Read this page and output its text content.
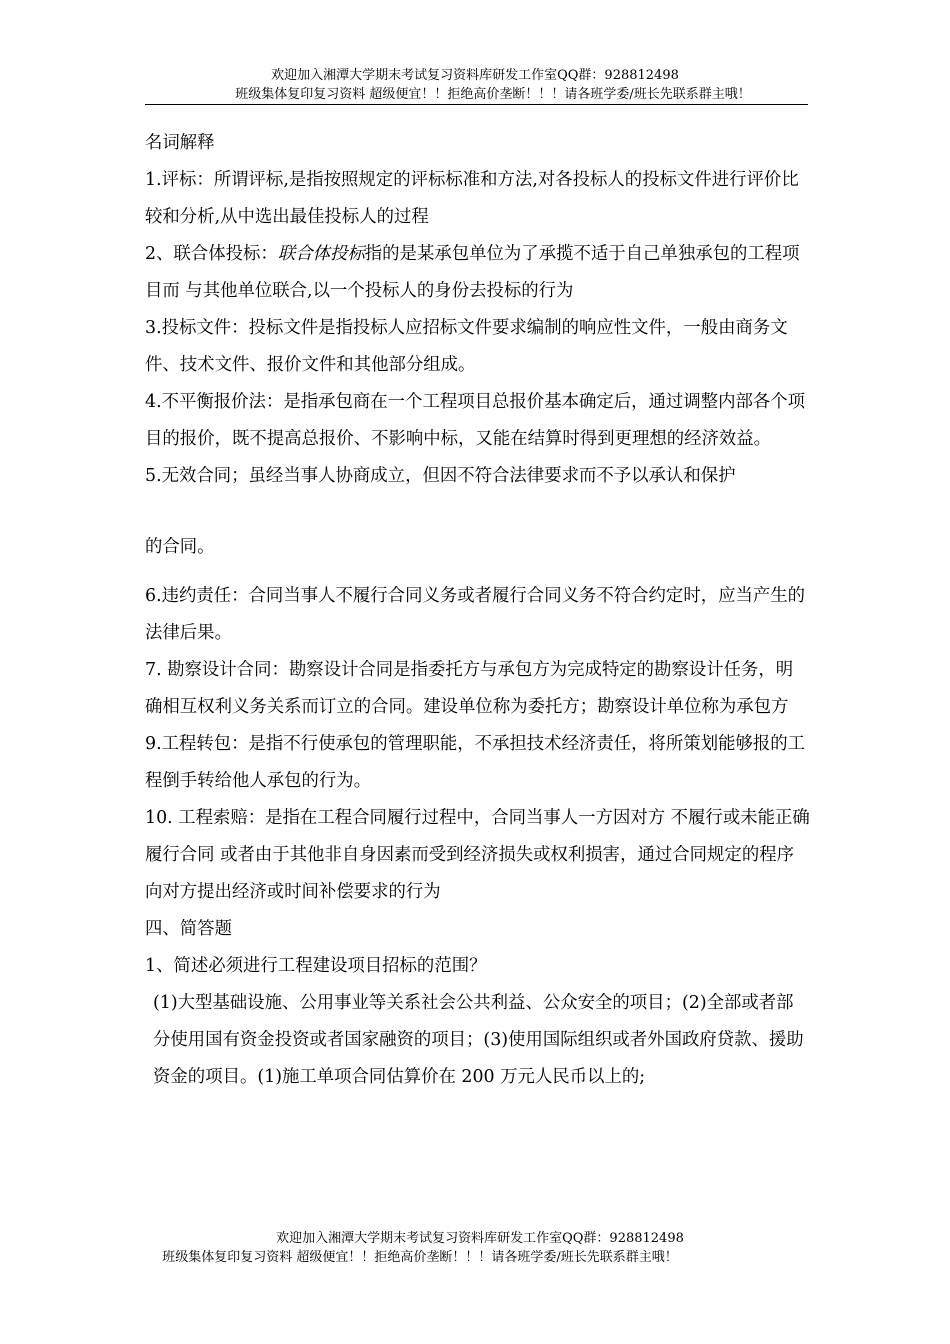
欢迎加入湘潭大学期末考试复习资料库研发工作室QQ群：928812498
班级集体复印复习资料 超级便宜！！拒绝高价垄断！！！请各班学委/班长先联系群主哦！

名词解释

1.评标：所谓评标,是指按照规定的评标标准和方法,对各投标人的投标文件进行评价比较和分析,从中选出最佳投标人的过程

2、联合体投标：联合体投标指的是某承包单位为了承揽不适于自己单独承包的工程项目而 与其他单位联合,以一个投标人的身份去投标的行为

3.投标文件：投标文件是指投标人应招标文件要求编制的响应性文件，一般由商务文件、技术文件、报价文件和其他部分组成。

4.不平衡报价法：是指承包商在一个工程项目总报价基本确定后，通过调整内部各个项目的报价，既不提高总报价、不影响中标，又能在结算时得到更理想的经济效益。

5.无效合同；虽经当事人协商成立，但因不符合法律要求而不予以承认和保护

的合同。

6.违约责任：合同当事人不履行合同义务或者履行合同义务不符合约定时，应当产生的法律后果。

7. 勘察设计合同：勘察设计合同是指委托方与承包方为完成特定的勘察设计任务，明确相互权利义务关系而订立的合同。建设单位称为委托方；勘察设计单位称为承包方

9.工程转包：是指不行使承包的管理职能，不承担技术经济责任，将所策划能够报的工程倒手转给他人承包的行为。

10. 工程索赔：是指在工程合同履行过程中，合同当事人一方因对方 不履行或未能正确履行合同 或者由于其他非自身因素而受到经济损失或权利损害，通过合同规定的程序向对方提出经济或时间补偿要求的行为

四、简答题

1、简述必须进行工程建设项目招标的范围？

(1)大型基础设施、公用事业等关系社会公共利益、公众安全的项目；(2)全部或者部分使用国有资金投资或者国家融资的项目；(3)使用国际组织或者外国政府贷款、援助资金的项目。(1)施工单项合同估算价在 200 万元人民币以上的;

欢迎加入湘潭大学期末考试复习资料库研发工作室QQ群：928812498
班级集体复印复习资料 超级便宜！！拒绝高价垄断！！！请各班学委/班长先联系群主哦！
